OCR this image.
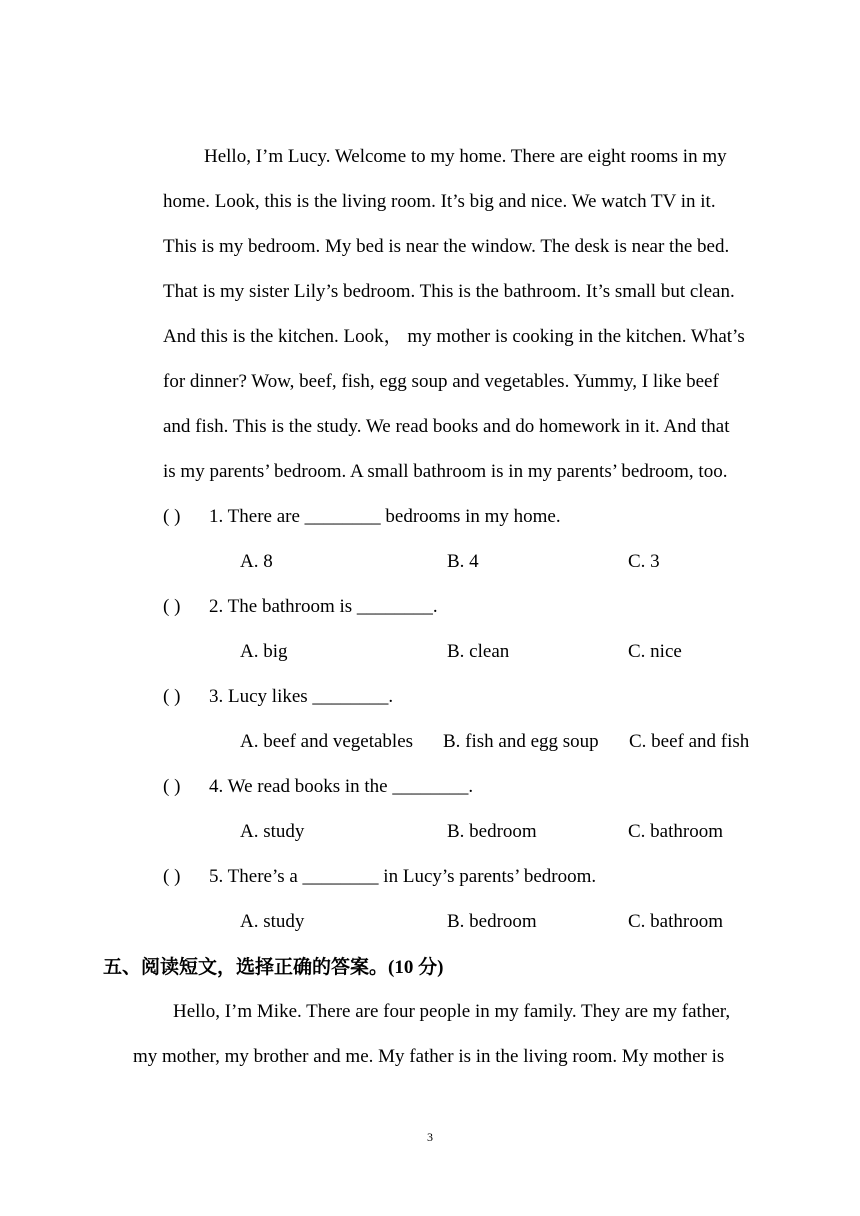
Hello, I’m Lucy. Welcome to my home. There are eight rooms in my
home. Look, this is the living room. It’s big and nice. We watch TV in it.
This is my bedroom. My bed is near the window. The desk is near the bed.
That is my sister Lily’s bedroom. This is the bathroom. It’s small but clean.
And this is the kitchen. Look， my mother is cooking in the kitchen. What’s
for dinner? Wow, beef, fish, egg soup and vegetables. Yummy, I like beef
and fish. This is the study. We read books and do homework in it. And that
is my parents’ bedroom. A small bathroom is in my parents’ bedroom, too.
( ) 1. There are ________ bedrooms in my home.
A. 8	B. 4	C. 3
( ) 2. The bathroom is ________.
A. big	B. clean	C. nice
( ) 3. Lucy likes ________.
A. beef and vegetables B. fish and egg soup C. beef and fish
( ) 4. We read books in the ________.
A. study	B. bedroom	C. bathroom
( ) 5. There’s a ________ in Lucy’s parents’ bedroom.
A. study	B. bedroom	C. bathroom
五、阅读短文，选择正确的答案。(10 分)
Hello, I’m Mike. There are four people in my family. They are my father,
my mother, my brother and me. My father is in the living room. My mother is
3
